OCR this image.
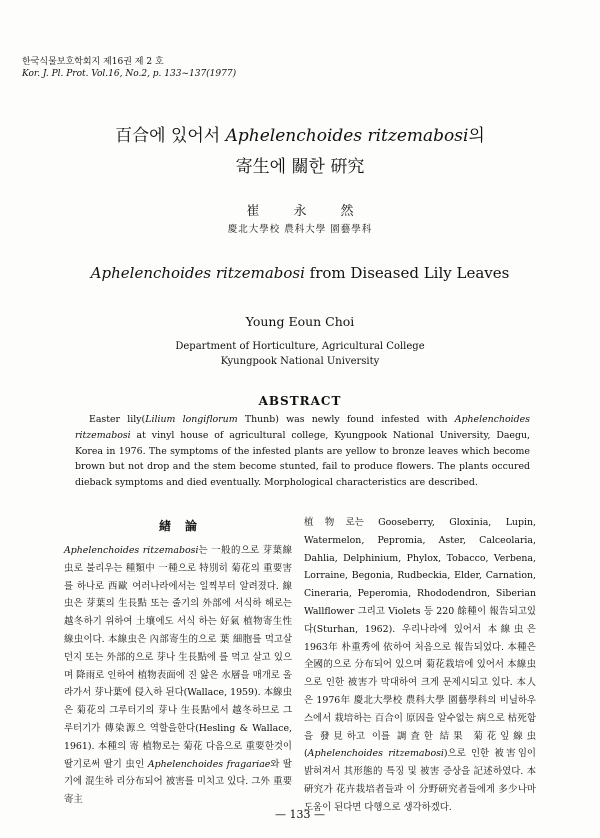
한국식물보호학회지 제16권 제 2 호
Kor. J. Pl. Prot. Vol.16, No.2, p. 133~137(1977)
百合에 있어서 Aphelenchoides ritzemabosi의
寄生에 關한 硏究
崔永然
慶北大學校 農科大學 園藝學科
Aphelenchoides ritzemabosi from Diseased Lily Leaves
Young Eoun Choi
Department of Horticulture, Agricultural College
Kyungpook National University
ABSTRACT

Easter lily(Lilium longiflorum Thunb) was newly found infested with Aphelenchoides ritzemabosi at vinyl house of agricultural college, Kyungpook National University, Daegu, Korea in 1976. The symptoms of the infested plants are yellow to bronze leaves which become brown but not drop and the stem become stunted, fail to produce flowers. The plants occured dieback symptoms and died eventually. Morphological characteristics are described.

緖論

Aphelenchoides ritzemabosi는 一般的으로 芽葉線虫로 불리우는 種類中 一種으로 特別히 菊花의 重要害 를 하나로 西歐 여러나라에서는 일찍부터 알려졌다. 線虫은 芽葉의 生長點 또는 줄기의 外部에 서식하 해로는 越冬하기 위하여 土壤에도 서식 하는 好氣 植物寄生性 線虫이다. 本線虫은 內部寄生的으로 葉 細胞를 먹고살던지 또는 外部的으로 芽나 生長點에 를 먹고 살고 있으며 降雨로 인하여 植物表面에 진 앓은 水層을 매개로 올라가서 芽나葉에 侵入하 된다(Wallace, 1959). 本線虫은 菊花의 그루터기의 芽나 生長點에서 越冬하므로 그루터기가 傳染源으 역할을한다(Hesling & Wallace, 1961). 本種의 寄 植物로는 菊花 다음으로 重要한것이 딸기로써 딸기 虫인 Aphelenchoides fragariae와 딸기에 混生하 리分布되어 被害를 미치고 있다. 그外 重要寄主

植物로는 Gooseberry, Gloxinia, Lupin, Watermelon, Pepromia, Aster, Calceolaria, Dahlia, Delphinium, Phylox, Tobacco, Verbena, Lorraine, Begonia, Rudbeckia, Elder, Carnation, Cineraria, Peperomia, Rhododendron, Siberian Wallflower 그리고 Violets 등 220 餘種이 報告되고있다(Sturhan, 1962). 우리나라에 있어서 本線虫은 1963年 朴重秀에 依하여 처음으로 報告되었다. 本種은 全國的으로 分布되어 있으며 菊花栽培에 있어서 本線虫으로 인한 被害가 막대하여 크게 문제시되고 있다. 本人은 1976年 慶北大學校 農科大學 園藝學科의 비닐하우스에서 栽培하는 百合이 原因을 알수없는 病으로 枯死함을 發見하고 이를 調査한 結果 菊花잎線虫(Aphelenchoides ritzemabosi)으로 인한 被害임이 밝혀져서 其形態的 특징 및 被害 증상을 記述하였다. 本硏究가 花卉栽培者들과 이 分野硏究者들에게 多少나마 도움이 된다면 다행으로 생각하겠다.

— 133 —
